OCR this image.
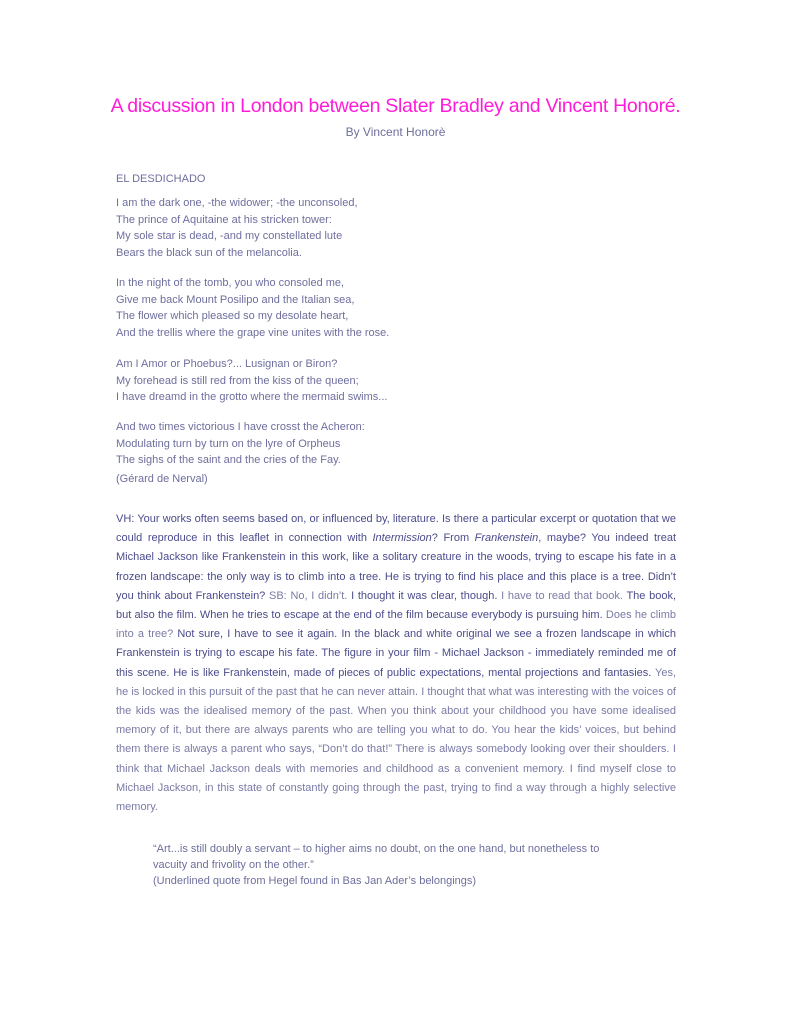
A discussion in London between Slater Bradley and Vincent Honoré.

By Vincent Honorè

EL DESDICHADO

I am the dark one, -the widower; -the unconsoled,
The prince of Aquitaine at his stricken tower:
My sole star is dead, -and my constellated lute
Bears the black sun of the melancolia.

In the night of the tomb, you who consoled me,
Give me back Mount Posilipo and the Italian sea,
The flower which pleased so my desolate heart,
And the trellis where the grape vine unites with the rose.

Am I Amor or Phoebus?... Lusignan or Biron?
My forehead is still red from the kiss of the queen;
I have dreamd in the grotto where the mermaid swims...

And two times victorious I have crosst the Acheron:
Modulating turn by turn on the lyre of Orpheus
The sighs of the saint and the cries of the Fay.

(Gérard de Nerval)

VH: Your works often seems based on, or influenced by, literature. Is there a particular excerpt or quotation that we could reproduce in this leaflet in connection with Intermission? From Frankenstein, maybe? You indeed treat Michael Jackson like Frankenstein in this work, like a solitary creature in the woods, trying to escape his fate in a frozen landscape: the only way is to climb into a tree. He is trying to find his place and this place is a tree. Didn’t you think about Frankenstein? SB: No, I didn’t. I thought it was clear, though. I have to read that book. The book, but also the film. When he tries to escape at the end of the film because everybody is pursuing him. Does he climb into a tree? Not sure, I have to see it again. In the black and white original we see a frozen landscape in which Frankenstein is trying to escape his fate. The figure in your film - Michael Jackson - immediately reminded me of this scene. He is like Frankenstein, made of pieces of public expectations, mental projections and fantasies. Yes, he is locked in this pursuit of the past that he can never attain. I thought that what was interesting with the voices of the kids was the idealised memory of the past. When you think about your childhood you have some idealised memory of it, but there are always parents who are telling you what to do. You hear the kids’ voices, but behind them there is always a parent who says, “Don’t do that!” There is always somebody looking over their shoulders. I think that Michael Jackson deals with memories and childhood as a convenient memory. I find myself close to Michael Jackson, in this state of constantly going through the past, trying to find a way through a highly selective memory.

“Art...is still doubly a servant – to higher aims no doubt, on the one hand, but nonetheless to
vacuity and frivolity on the other.”
(Underlined quote from Hegel found in Bas Jan Ader’s belongings)
